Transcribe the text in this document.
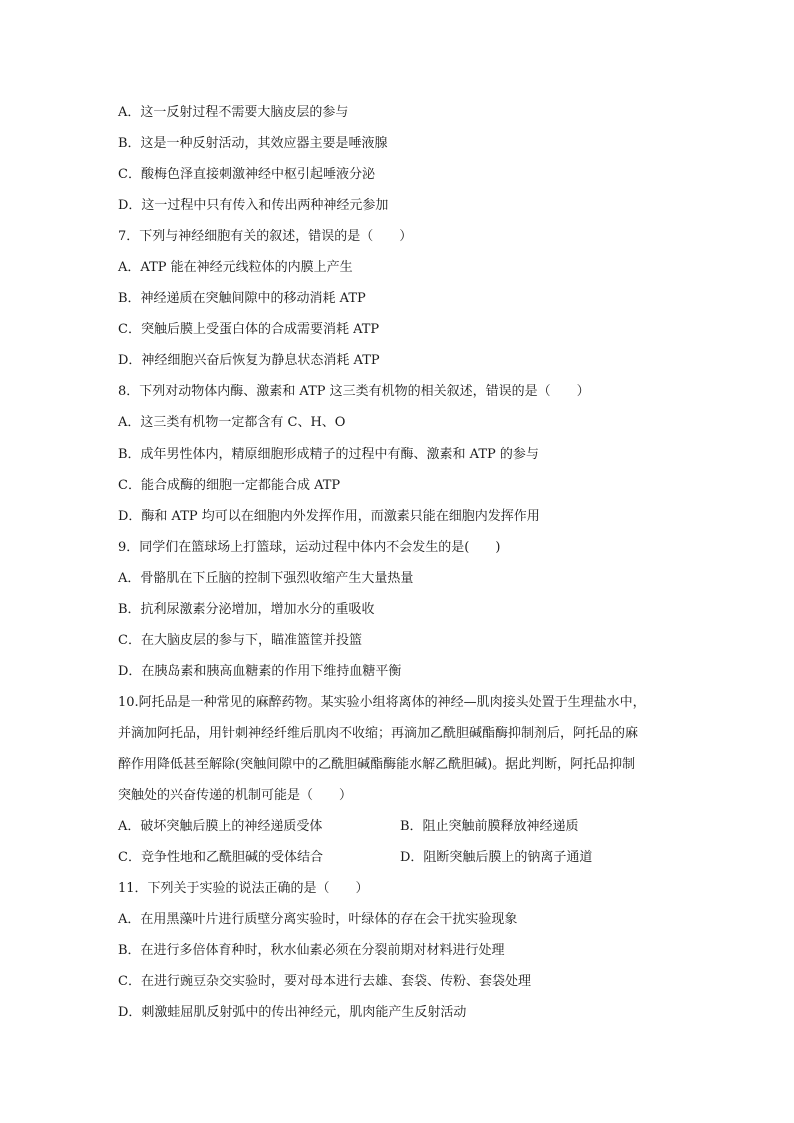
A．这一反射过程不需要大脑皮层的参与
B．这是一种反射活动，其效应器主要是唾液腺
C．酸梅色泽直接刺激神经中枢引起唾液分泌
D．这一过程中只有传入和传出两种神经元参加
7．下列与神经细胞有关的叙述，错误的是（　　）
A．ATP 能在神经元线粒体的内膜上产生
B．神经递质在突触间隙中的移动消耗 ATP
C．突触后膜上受蛋白体的合成需要消耗 ATP
D．神经细胞兴奋后恢复为静息状态消耗 ATP
8．下列对动物体内酶、激素和 ATP 这三类有机物的相关叙述，错误的是（　　）
A．这三类有机物一定都含有 C、H、O
B．成年男性体内，精原细胞形成精子的过程中有酶、激素和 ATP 的参与
C．能合成酶的细胞一定都能合成 ATP
D．酶和 ATP 均可以在细胞内外发挥作用，而激素只能在细胞内发挥作用
9．同学们在篮球场上打篮球，运动过程中体内不会发生的是(　　)
A．骨骼肌在下丘脑的控制下强烈收缩产生大量热量
B．抗利尿激素分泌增加，增加水分的重吸收
C．在大脑皮层的参与下，瞄准篮筐并投篮
D．在胰岛素和胰高血糖素的作用下维持血糖平衡
10.阿托品是一种常见的麻醉药物。某实验小组将离体的神经—肌肉接头处置于生理盐水中，
并滴加阿托品，用针刺神经纤维后肌肉不收缩；再滴加乙酰胆碱酯酶抑制剂后，阿托品的麻
醉作用降低甚至解除(突触间隙中的乙酰胆碱酯酶能水解乙酰胆碱)。据此判断，阿托品抑制
突触处的兴奋传递的机制可能是（　　）
A．破坏突触后膜上的神经递质受体	B．阻止突触前膜释放神经递质
C．竞争性地和乙酰胆碱的受体结合	D．阻断突触后膜上的钠离子通道
11．下列关于实验的说法正确的是（　　）
A．在用黑藻叶片进行质壁分离实验时，叶绿体的存在会干扰实验现象
B．在进行多倍体育种时，秋水仙素必须在分裂前期对材料进行处理
C．在进行豌豆杂交实验时，要对母本进行去雄、套袋、传粉、套袋处理
D．刺激蛙屈肌反射弧中的传出神经元，肌肉能产生反射活动
